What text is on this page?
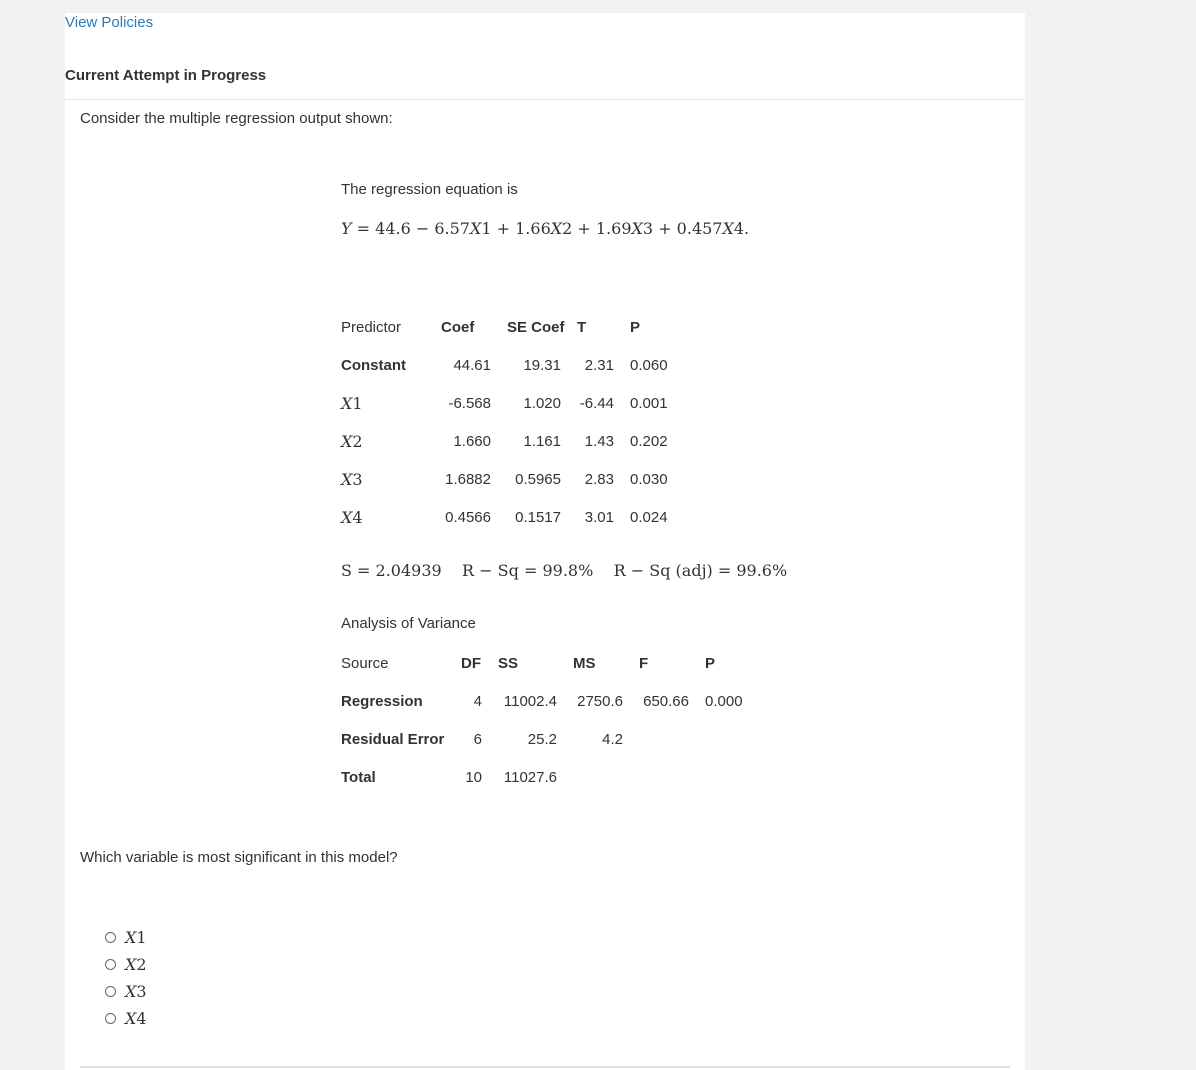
View Policies
Current Attempt in Progress
Consider the multiple regression output shown:
The regression equation is
Y = 44.6 − 6.57X1 + 1.66X2 + 1.69X3 + 0.457X4.
Predictor	Coef	SE Coef	T	P
Constant	44.61	19.31	2.31	0.060
X1	-6.568	1.020	-6.44	0.001
X2	1.660	1.161	1.43	0.202
X3	1.6882	0.5965	2.83	0.030
X4	0.4566	0.1517	3.01	0.024
S = 2.04939 R − Sq = 99.8% R − Sq (adj) = 99.6%
Analysis of Variance
Source	DF	SS	MS	F	P
Regression	4	11002.4	2750.6	650.66	0.000
Residual Error	6	25.2	4.2		
Total	10	11027.6			
Which variable is most significant in this model?
X1
X2
X3
X4
